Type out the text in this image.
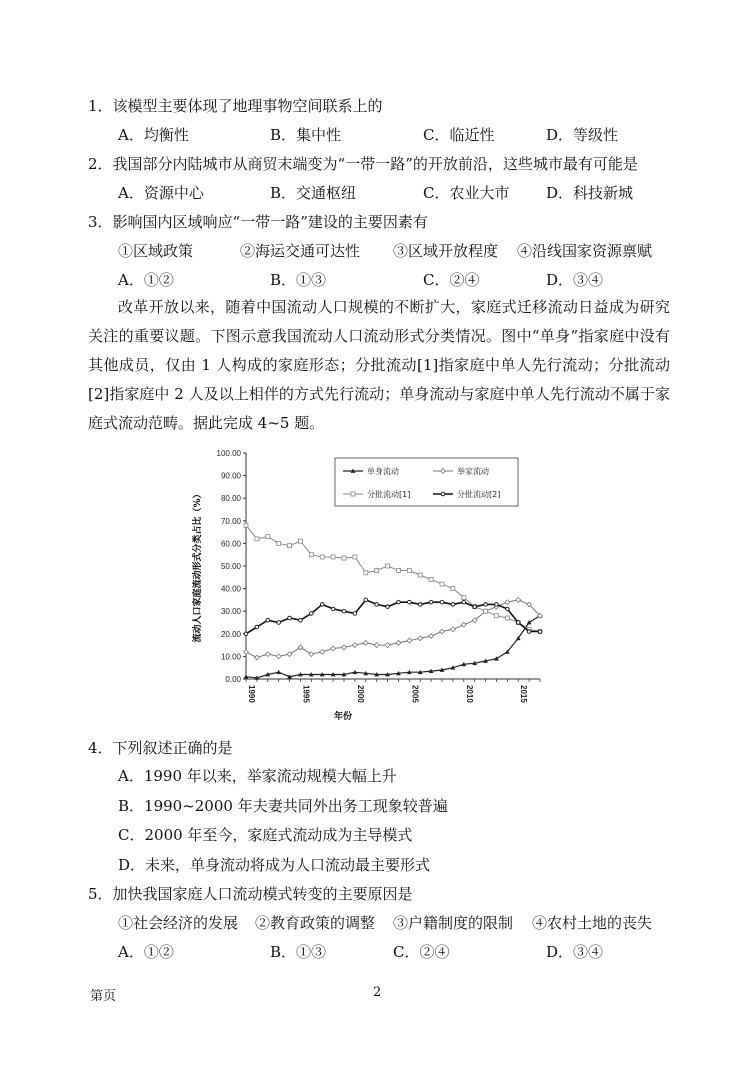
1．该模型主要体现了地理事物空间联系上的
A．均衡性	B．集中性	C．临近性	D．等级性
2．我国部分内陆城市从商贸末端变为“一带一路”的开放前沿，这些城市最有可能是
A．资源中心	B．交通枢纽	C．农业大市 D．科技新城
3．影响国内区域响应“一带一路”建设的主要因素有
①区域政策	②海运交通可达性 ③区域开放程度 ④沿线国家资源禀赋
A．①②	B．①③	C．②④	D．③④
改革开放以来，随着中国流动人口规模的不断扩大，家庭式迁移流动日益成为研究关注的重要议题。下图示意我国流动人口流动形式分类情况。图中“单身”指家庭中没有其他成员，仅由 1 人构成的家庭形态；分批流动[1]指家庭中单人先行流动；分批流动[2]指家庭中 2 人及以上相伴的方式先行流动；单身流动与家庭中单人先行流动不属于家庭式流动范畴。据此完成 4~5 题。
0.00
10.00
20.00
30.00
40.00
50.00
60.00
70.00
80.00
90.00
100.00
1990	1995	2000	2005	2010	2015
单身流动	举家流动
分批流动[1]	分批流动[2]
流动人口家庭流动形式分类占比（%）
年份
4．下列叙述正确的是
A．1990 年以来，举家流动规模大幅上升
B．1990~2000 年夫妻共同外出务工现象较普遍
C．2000 年至今，家庭式流动成为主导模式
D．未来，单身流动将成为人口流动最主要形式
5．加快我国家庭人口流动模式转变的主要原因是
①社会经济的发展 ②教育政策的调整 ③户籍制度的限制 ④农村土地的丧失
A．①②	B．①③	C．②④	D．③④
第页	2
